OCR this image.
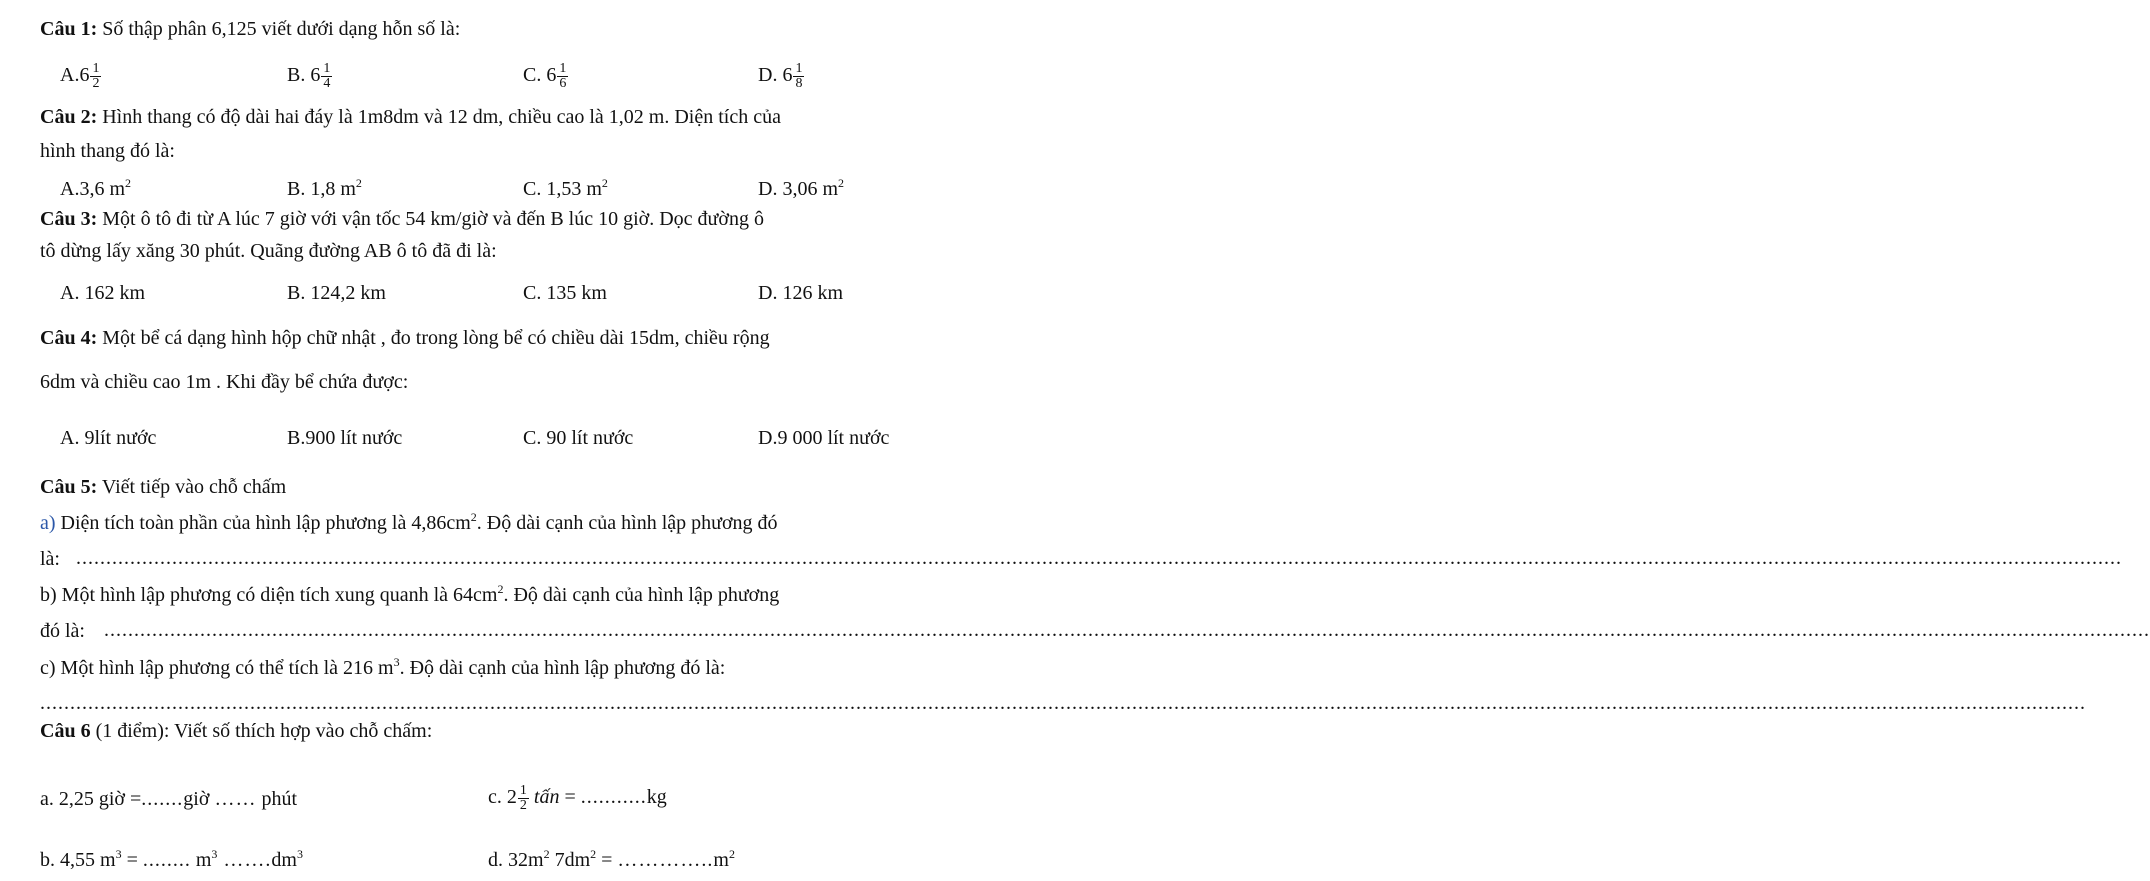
Câu 1: Số thập phân 6,125 viết dưới dạng hỗn số là:
$A.6 \frac{1}{2}$	B. $6 \frac{1}{4}$	C. $6 \frac{1}{6}$	D. $6 \frac{1}{8}$
Câu 2: Hình thang có độ dài hai đáy là 1m8dm và 12 dm, chiều cao là 1,02 m. Diện tích của
hình thang đó là:
A.3,6 $m^2$	B. 1,8 $m^2$	C. 1,53 $m^2$	D. 3,06 $m^2$
Câu 3: Một ô tô đi từ A lúc 7 giờ với vận tốc 54 km/giờ và đến B lúc 10 giờ. Dọc đường ô
tô dừng lấy xăng 30 phút. Quãng đường AB ô tô đã đi là:
A. 162 km	B. 124,2 km	C. 135 km	D. 126 km
Câu 4: Một bể cá dạng hình hộp chữ nhật , đo trong lòng bể có chiều dài 15dm, chiều rộng
6dm và chiều cao 1m . Khi đầy bể chứa được:
A. 9lít nước	B.900 lít nước	C. 90 lít nước	D.9 000 lít nước
Câu 5: Viết tiếp vào chỗ chấm
a) Diện tích toàn phần của hình lập phương là $4,86cm^2$. Độ dài cạnh của hình lập phương đó
là: .....................................................................................................................................................................................................................................................................................................................................................
b) Một hình lập phương có diện tích xung quanh là $64cm^2$. Độ dài cạnh của hình lập phương
đó là: .....................................................................................................................................................................................................................................................................................................................................................
c) Một hình lập phương có thể tích là 216 $m^3$. Độ dài cạnh của hình lập phương đó là:
.....................................................................................................................................................................................................................................................................................................................................................
Câu 6 (1 điểm): Viết số thích hợp vào chỗ chấm:
a. 2,25 giờ =.......giờ …… phút	c. $2 \frac{1}{2}$ tấn = ...........kg
b. 4,55 $m^3$ = ........ $m^3$ $\dots\dots.dm^3$	d. $32m^2$ $7dm^2$ = $\dots\dots\dots\dots..m^2$
